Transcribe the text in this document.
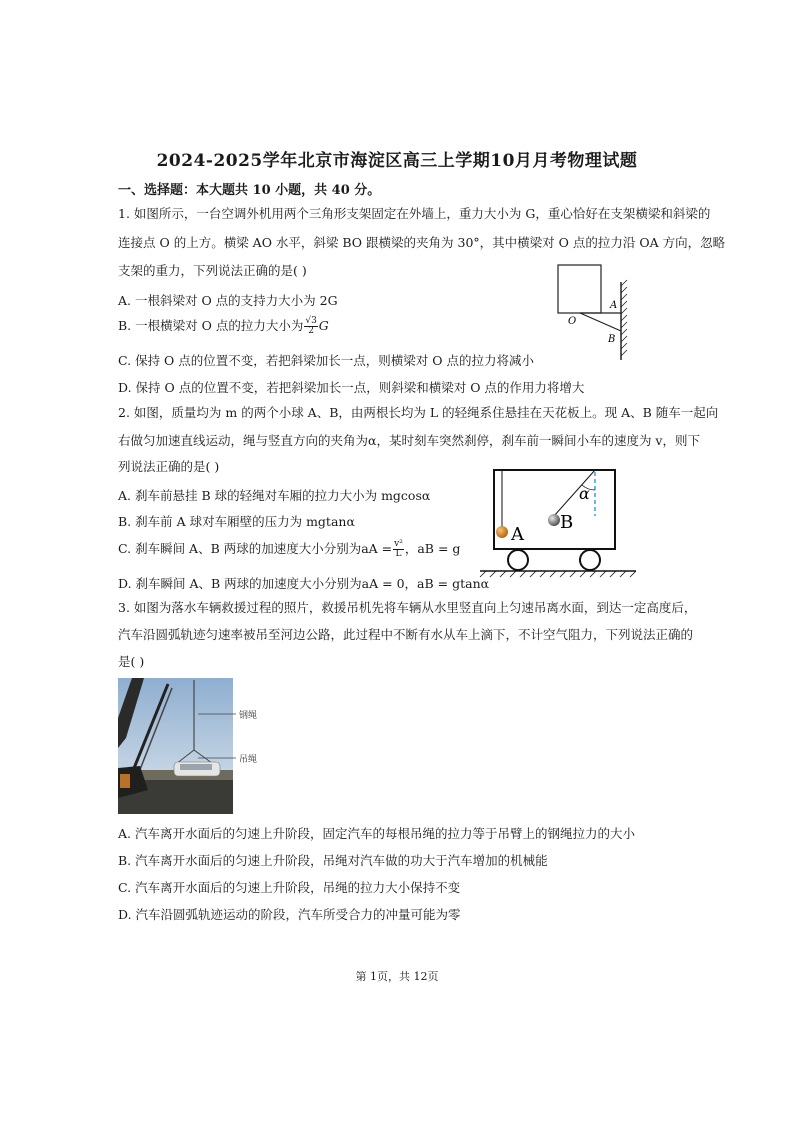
2024-2025学年北京市海淀区高三上学期10月月考物理试题
一、选择题：本大题共 10 小题，共 40 分。
1. 如图所示，一台空调外机用两个三角形支架固定在外墙上，重力大小为 G，重心恰好在支架横梁和斜梁的
连接点 O 的上方。横梁 AO 水平，斜梁 BO 跟横梁的夹角为 30°，其中横梁对 O 点的拉力沿 OA 方向，忽略
支架的重力，下列说法正确的是( )
A. 一根斜梁对 O 点的支持力大小为 2G
B. 一根横梁对 O 点的拉力大小为 $\frac{√3}{2}$ G
C. 保持 O 点的位置不变，若把斜梁加长一点，则横梁对 O 点的拉力将减小
D. 保持 O 点的位置不变，若把斜梁加长一点，则斜梁和横梁对 O 点的作用力将增大
O
A
B
2. 如图，质量均为 m 的两个小球 A、B，由两根长均为 L 的轻绳系住悬挂在天花板上。现 A、B 随车一起向
右做匀加速直线运动，绳与竖直方向的夹角为α，某时刻车突然刹停，刹车前一瞬间小车的速度为 v，则下
列说法正确的是( )
A. 刹车前悬挂 B 球的轻绳对车厢的拉力大小为 mgcosα
B. 刹车前 A 球对车厢壁的压力为 mgtanα
C. 刹车瞬间 A、B 两球的加速度大小分别为aA = $\frac{\text{v²}}{L}$ ，aB = g
D. 刹车瞬间 A、B 两球的加速度大小分别为aA = 0，aB = gtanα
A
α
B
3. 如图为落水车辆救援过程的照片，救援吊机先将车辆从水里竖直向上匀速吊离水面，到达一定高度后，
汽车沿圆弧轨迹匀速率被吊至河边公路，此过程中不断有水从车上滴下，不计空气阻力，下列说法正确的
是( )
钢绳
吊绳
A. 汽车离开水面后的匀速上升阶段，固定汽车的每根吊绳的拉力等于吊臂上的钢绳拉力的大小
B. 汽车离开水面后的匀速上升阶段，吊绳对汽车做的功大于汽车增加的机械能
C. 汽车离开水面后的匀速上升阶段，吊绳的拉力大小保持不变
D. 汽车沿圆弧轨迹运动的阶段，汽车所受合力的冲量可能为零
第 1页，共 12页
